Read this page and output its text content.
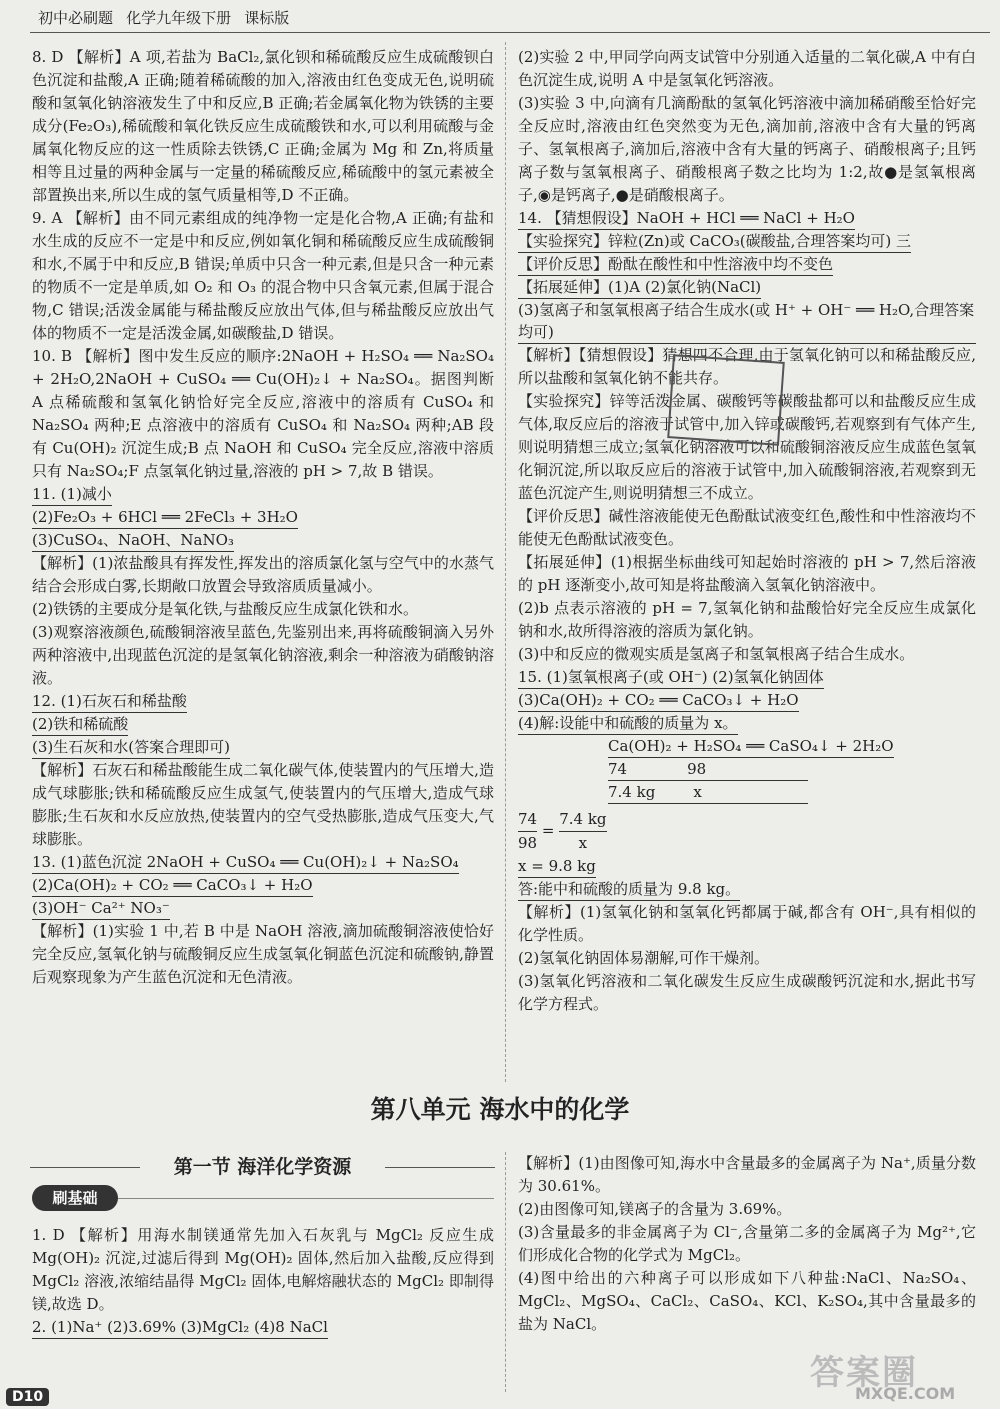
初中必刷题 化学九年级下册 课标版

8. D 【解析】A 项,若盐为 BaCl₂,氯化钡和稀硫酸反应生成硫酸钡白色沉淀和盐酸,A 正确;随着稀硫酸的加入,溶液由红色变成无色,说明硫酸和氢氧化钠溶液发生了中和反应,B 正确;若金属氧化物为铁锈的主要成分(Fe₂O₃),稀硫酸和氧化铁反应生成硫酸铁和水,可以利用硫酸与金属氧化物反应的这一性质除去铁锈,C 正确;金属为 Mg 和 Zn,将质量相等且过量的两种金属与一定量的稀硫酸反应,稀硫酸中的氢元素被全部置换出来,所以生成的氢气质量相等,D 不正确。

9. A 【解析】由不同元素组成的纯净物一定是化合物,A 正确;有盐和水生成的反应不一定是中和反应,例如氧化铜和稀硫酸反应生成硫酸铜和水,不属于中和反应,B 错误;单质中只含一种元素,但是只含一种元素的物质不一定是单质,如 O₂ 和 O₃ 的混合物中只含氧元素,但属于混合物,C 错误;活泼金属能与稀盐酸反应放出气体,但与稀盐酸反应放出气体的物质不一定是活泼金属,如碳酸盐,D 错误。

10. B 【解析】图中发生反应的顺序:2NaOH + H₂SO₄ ══ Na₂SO₄ + 2H₂O,2NaOH + CuSO₄ ══ Cu(OH)₂↓ + Na₂SO₄。据图判断 A 点稀硫酸和氢氧化钠恰好完全反应,溶液中的溶质有 CuSO₄ 和 Na₂SO₄ 两种;E 点溶液中的溶质有 CuSO₄ 和 Na₂SO₄ 两种;AB 段有 Cu(OH)₂ 沉淀生成;B 点 NaOH 和 CuSO₄ 完全反应,溶液中溶质只有 Na₂SO₄;F 点氢氧化钠过量,溶液的 pH > 7,故 B 错误。

11. (1)减小
(2)Fe₂O₃ + 6HCl ══ 2FeCl₃ + 3H₂O
(3)CuSO₄、NaOH、NaNO₃

【解析】(1)浓盐酸具有挥发性,挥发出的溶质氯化氢与空气中的水蒸气结合会形成白雾,长期敞口放置会导致溶质质量减小。

(2)铁锈的主要成分是氧化铁,与盐酸反应生成氯化铁和水。

(3)观察溶液颜色,硫酸铜溶液呈蓝色,先鉴别出来,再将硫酸铜滴入另外两种溶液中,出现蓝色沉淀的是氢氧化钠溶液,剩余一种溶液为硝酸钠溶液。

12. (1)石灰石和稀盐酸
(2)铁和稀硫酸
(3)生石灰和水(答案合理即可)

【解析】石灰石和稀盐酸能生成二氧化碳气体,使装置内的气压增大,造成气球膨胀;铁和稀硫酸反应生成氢气,使装置内的气压增大,造成气球膨胀;生石灰和水反应放热,使装置内的空气受热膨胀,造成气压变大,气球膨胀。

13. (1)蓝色沉淀 2NaOH + CuSO₄ ══ Cu(OH)₂↓ + Na₂SO₄
(2)Ca(OH)₂ + CO₂ ══ CaCO₃↓ + H₂O
(3)OH⁻ Ca²⁺ NO₃⁻

【解析】(1)实验 1 中,若 B 中是 NaOH 溶液,滴加硫酸铜溶液使恰好完全反应,氢氧化钠与硫酸铜反应生成氢氧化铜蓝色沉淀和硫酸钠,静置后观察现象为产生蓝色沉淀和无色清液。

(2)实验 2 中,甲同学向两支试管中分别通入适量的二氧化碳,A 中有白色沉淀生成,说明 A 中是氢氧化钙溶液。

(3)实验 3 中,向滴有几滴酚酞的氢氧化钙溶液中滴加稀硝酸至恰好完全反应时,溶液由红色突然变为无色,滴加前,溶液中含有大量的钙离子、氢氧根离子,滴加后,溶液中含有大量的钙离子、硝酸根离子;且钙离子数与氢氧根离子、硝酸根离子数之比均为 1:2,故●是氢氧根离子,◉是钙离子,●是硝酸根离子。

14. 【猜想假设】NaOH + HCl ══ NaCl + H₂O
【实验探究】锌粒(Zn)或 CaCO₃(碳酸盐,合理答案均可) 三
【评价反思】酚酞在酸性和中性溶液中均不变色
【拓展延伸】(1)A (2)氯化钠(NaCl)
(3)氢离子和氢氧根离子结合生成水(或 H⁺ + OH⁻ ══ H₂O,合理答案均可)

【解析】【猜想假设】猜想四不合理,由于氢氧化钠可以和稀盐酸反应,所以盐酸和氢氧化钠不能共存。

【实验探究】锌等活泼金属、碳酸钙等碳酸盐都可以和盐酸反应生成气体,取反应后的溶液于试管中,加入锌或碳酸钙,若观察到有气体产生,则说明猜想三成立;氢氧化钠溶液可以和硫酸铜溶液反应生成蓝色氢氧化铜沉淀,所以取反应后的溶液于试管中,加入硫酸铜溶液,若观察到无蓝色沉淀产生,则说明猜想三不成立。

【评价反思】碱性溶液能使无色酚酞试液变红色,酸性和中性溶液均不能使无色酚酞试液变色。

【拓展延伸】(1)根据坐标曲线可知起始时溶液的 pH > 7,然后溶液的 pH 逐渐变小,故可知是将盐酸滴入氢氧化钠溶液中。

(2)b 点表示溶液的 pH = 7,氢氧化钠和盐酸恰好完全反应生成氯化钠和水,故所得溶液的溶质为氯化钠。

(3)中和反应的微观实质是氢离子和氢氧根离子结合生成水。

15. (1)氢氧根离子(或 OH⁻) (2)氢氧化钠固体
(3)Ca(OH)₂ + CO₂ ══ CaCO₃↓ + H₂O
(4)解:设能中和硫酸的质量为 x。
Ca(OH)₂ + H₂SO₄ ══ CaSO₄↓ + 2H₂O
74	98
7.4 kg	x
$\frac{74}{98} = \frac{7.4 kg}{x}$
x = 9.8 kg
答:能中和硫酸的质量为 9.8 kg。

【解析】(1)氢氧化钠和氢氧化钙都属于碱,都含有 OH⁻,具有相似的化学性质。

(2)氢氧化钠固体易潮解,可作干燥剂。

(3)氢氧化钙溶液和二氧化碳发生反应生成碳酸钙沉淀和水,据此书写化学方程式。

第八单元 海水中的化学
第一节 海洋化学资源
刷基础

1. D 【解析】用海水制镁通常先加入石灰乳与 MgCl₂ 反应生成 Mg(OH)₂ 沉淀,过滤后得到 Mg(OH)₂ 固体,然后加入盐酸,反应得到 MgCl₂ 溶液,浓缩结晶得 MgCl₂ 固体,电解熔融状态的 MgCl₂ 即制得镁,故选 D。

2. (1)Na⁺ (2)3.69% (3)MgCl₂ (4)8 NaCl

【解析】(1)由图像可知,海水中含量最多的金属离子为 Na⁺,质量分数为 30.61%。

(2)由图像可知,镁离子的含量为 3.69%。

(3)含量最多的非金属离子为 Cl⁻,含量第二多的金属离子为 Mg²⁺,它们形成化合物的化学式为 MgCl₂。

(4)图中给出的六种离子可以形成如下八种盐:NaCl、Na₂SO₄、MgCl₂、MgSO₄、CaCl₂、CaSO₄、KCl、K₂SO₄,其中含量最多的盐为 NaCl。

D10
答案圈
MXQE.COM
